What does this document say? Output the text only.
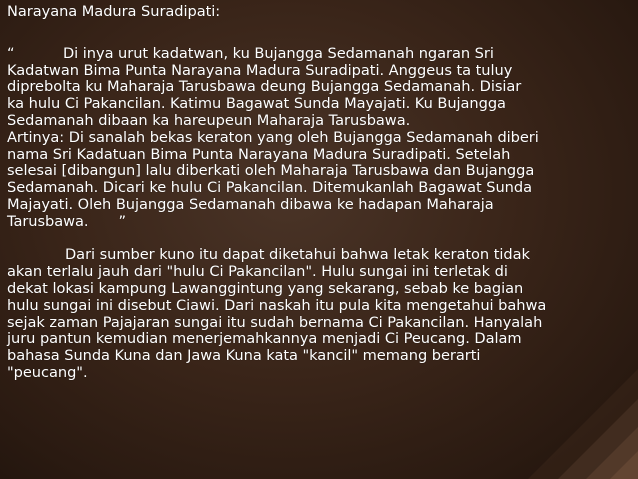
Narayana Madura Suradipati:

“	Di inya urut kadatwan, ku Bujangga Sedamanah ngaran Sri
Kadatwan Bima Punta Narayana Madura Suradipati. Anggeus ta tuluy
diprebolta ku Maharaja Tarusbawa deung Bujangga Sedamanah. Disiar
ka hulu Ci Pakancilan. Katimu Bagawat Sunda Mayajati. Ku Bujangga
Sedamanah dibaan ka hareupeun Maharaja Tarusbawa.
Artinya: Di sanalah bekas keraton yang oleh Bujangga Sedamanah diberi
nama Sri Kadatuan Bima Punta Narayana Madura Suradipati. Setelah
selesai [dibangun] lalu diberkati oleh Maharaja Tarusbawa dan Bujangga
Sedamanah. Dicari ke hulu Ci Pakancilan. Ditemukanlah Bagawat Sunda
Majayati. Oleh Bujangga Sedamanah dibawa ke hadapan Maharaja
Tarusbawa. ”
Dari sumber kuno itu dapat diketahui bahwa letak keraton tidak
akan terlalu jauh dari "hulu Ci Pakancilan". Hulu sungai ini terletak di
dekat lokasi kampung Lawanggintung yang sekarang, sebab ke bagian
hulu sungai ini disebut Ciawi. Dari naskah itu pula kita mengetahui bahwa
sejak zaman Pajajaran sungai itu sudah bernama Ci Pakancilan. Hanyalah
juru pantun kemudian menerjemahkannya menjadi Ci Peucang. Dalam
bahasa Sunda Kuna dan Jawa Kuna kata "kancil" memang berarti
"peucang".
